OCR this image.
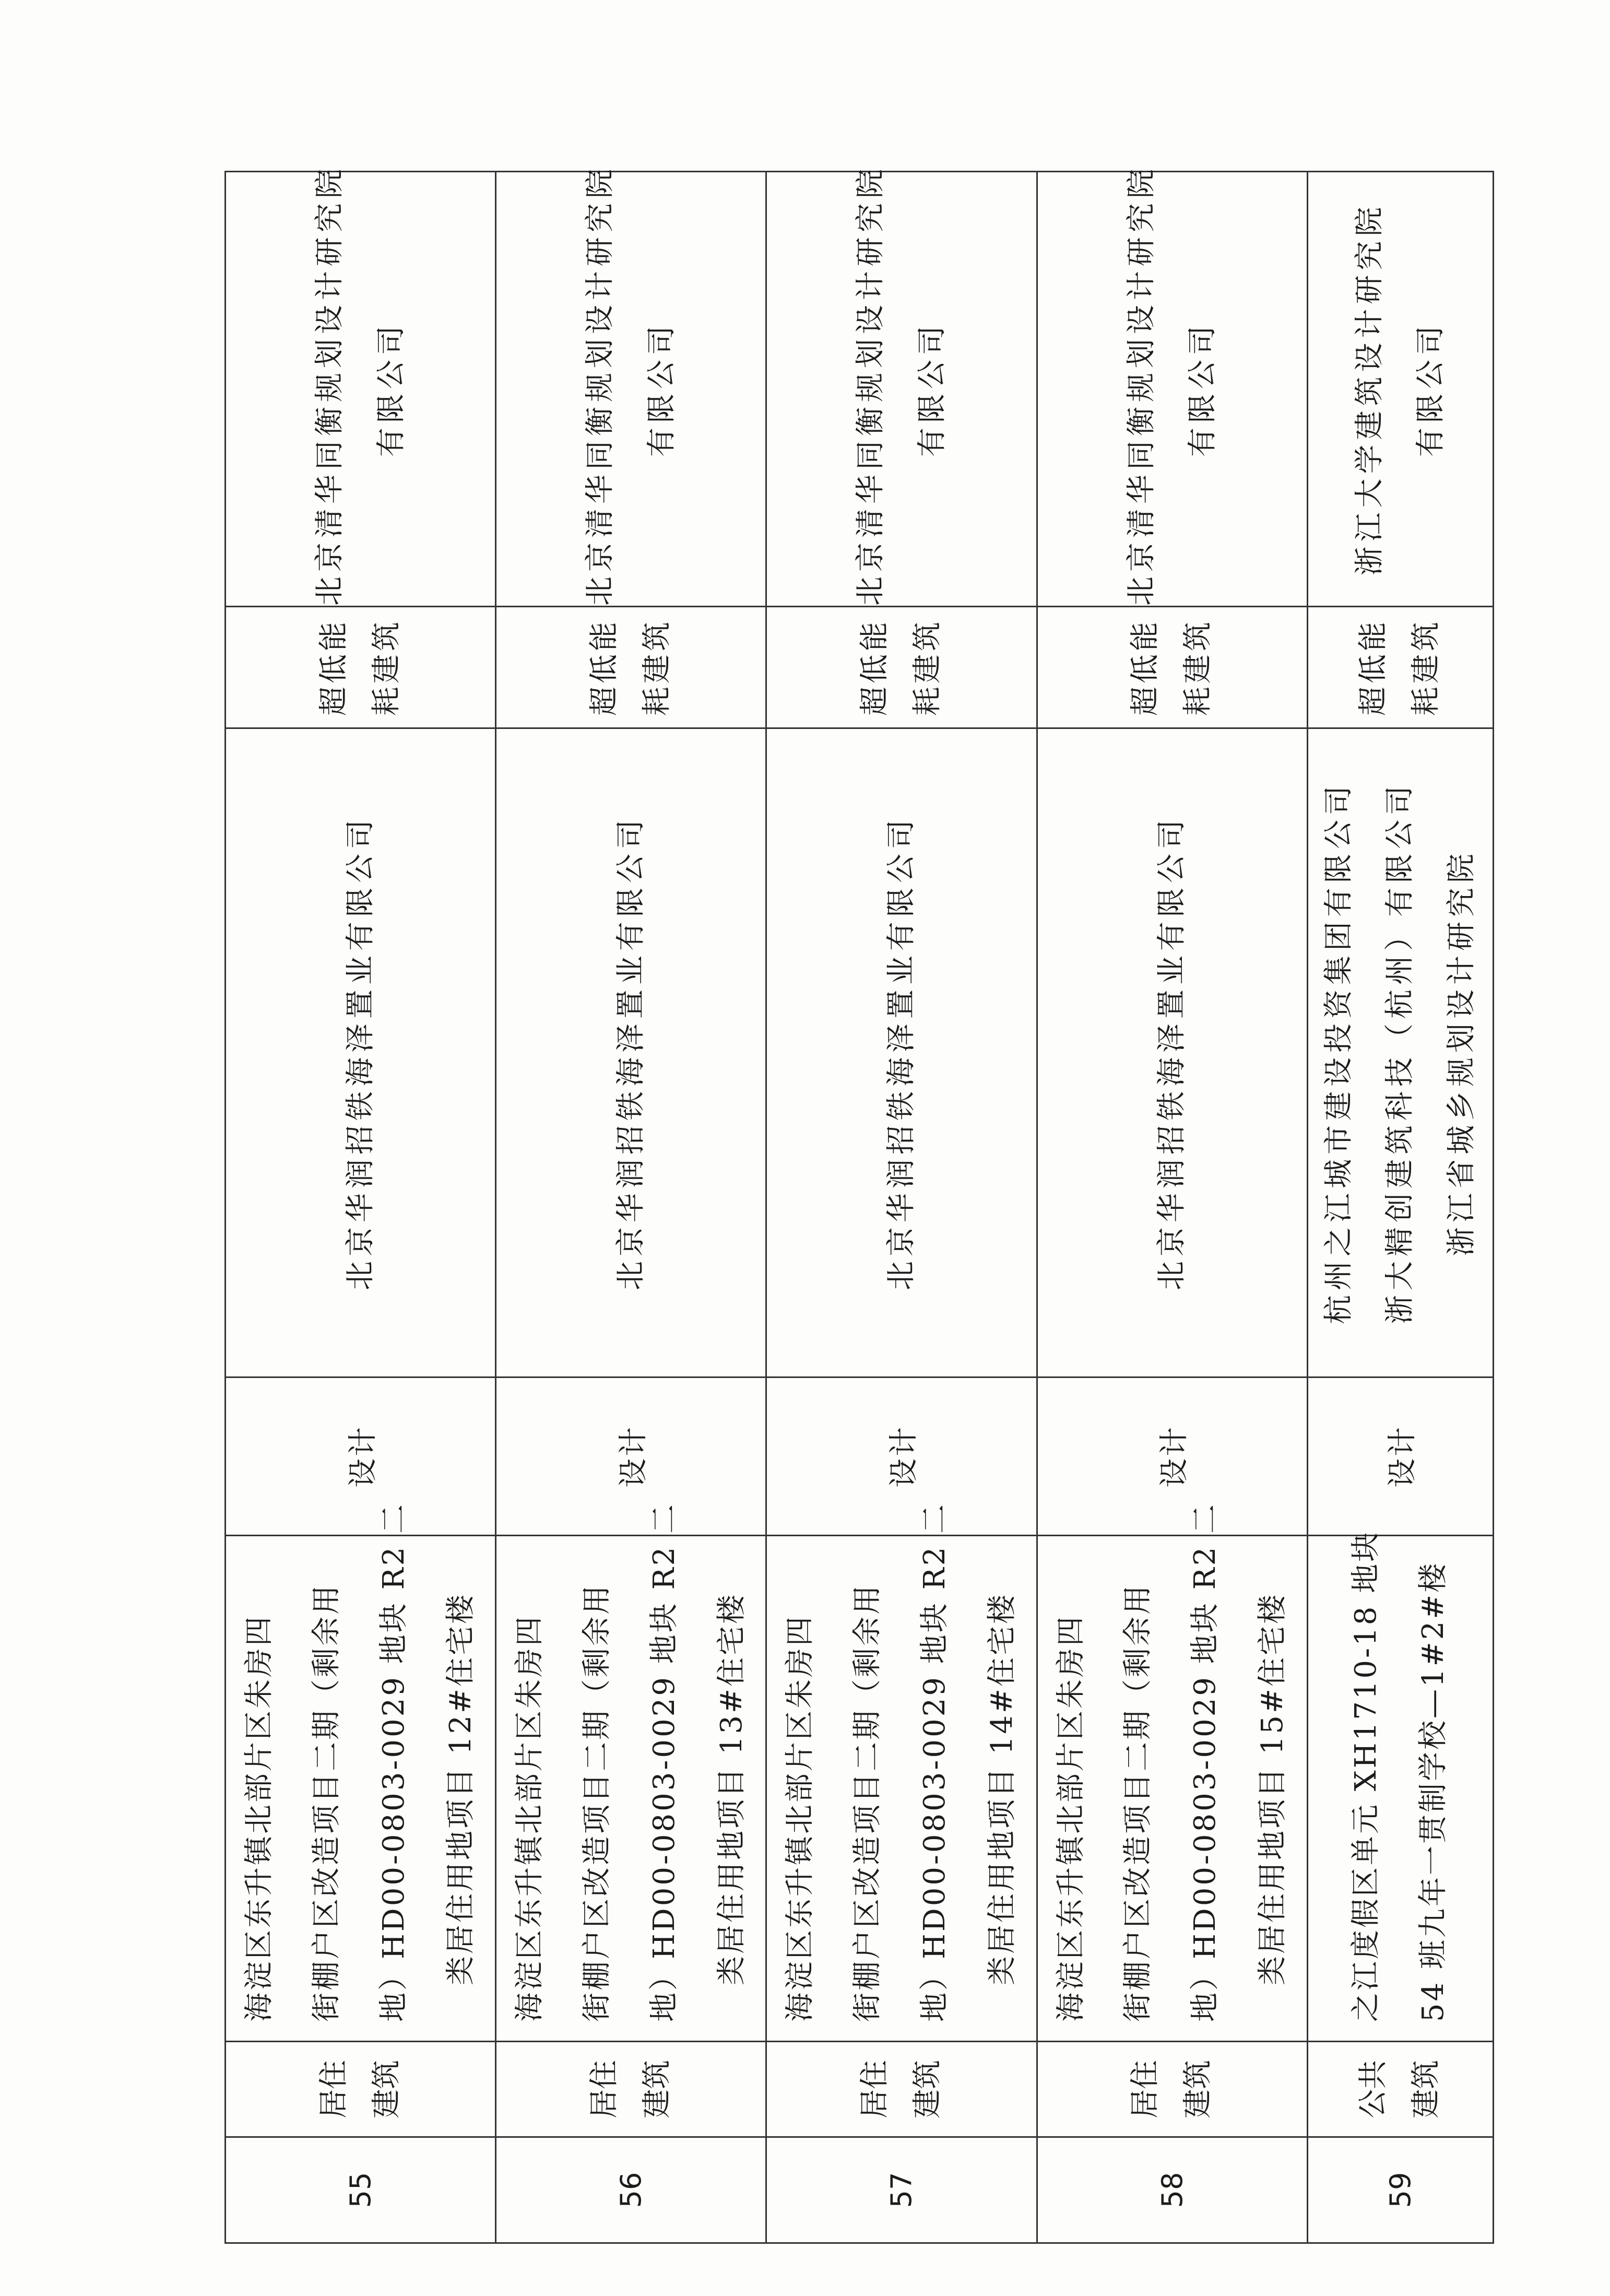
55	居住 建筑	海淀区东升镇北部片区朱房四 街棚户区改造项目二期（剩余用 地）HD00-0803-0029 地块 R2 二 类居住用地项目 12#住宅楼	设计	北京华润招铁海泽置业有限公司	超低能 耗建筑	北京清华同衡规划设计研究院 有限公司

56	居住 建筑	海淀区东升镇北部片区朱房四 街棚户区改造项目二期（剩余用 地）HD00-0803-0029 地块 R2 二 类居住用地项目 13#住宅楼	设计	北京华润招铁海泽置业有限公司	超低能 耗建筑	北京清华同衡规划设计研究院 有限公司

57	居住 建筑	海淀区东升镇北部片区朱房四 街棚户区改造项目二期（剩余用 地）HD00-0803-0029 地块 R2 二 类居住用地项目 14#住宅楼	设计	北京华润招铁海泽置业有限公司	超低能 耗建筑	北京清华同衡规划设计研究院 有限公司

58	居住 建筑	海淀区东升镇北部片区朱房四 街棚户区改造项目二期（剩余用 地）HD00-0803-0029 地块 R2 二 类居住用地项目 15#住宅楼	设计	北京华润招铁海泽置业有限公司	超低能 耗建筑	北京清华同衡规划设计研究院 有限公司

59	公共 建筑	之江度假区单元 XH1710-18 地块 54 班九年一贯制学校—1#2#楼	设计	杭州之江城市建设投资集团有限公司 浙大精创建筑科技（杭州）有限公司 浙江省城乡规划设计研究院	超低能 耗建筑	浙江大学建筑设计研究院 有限公司
